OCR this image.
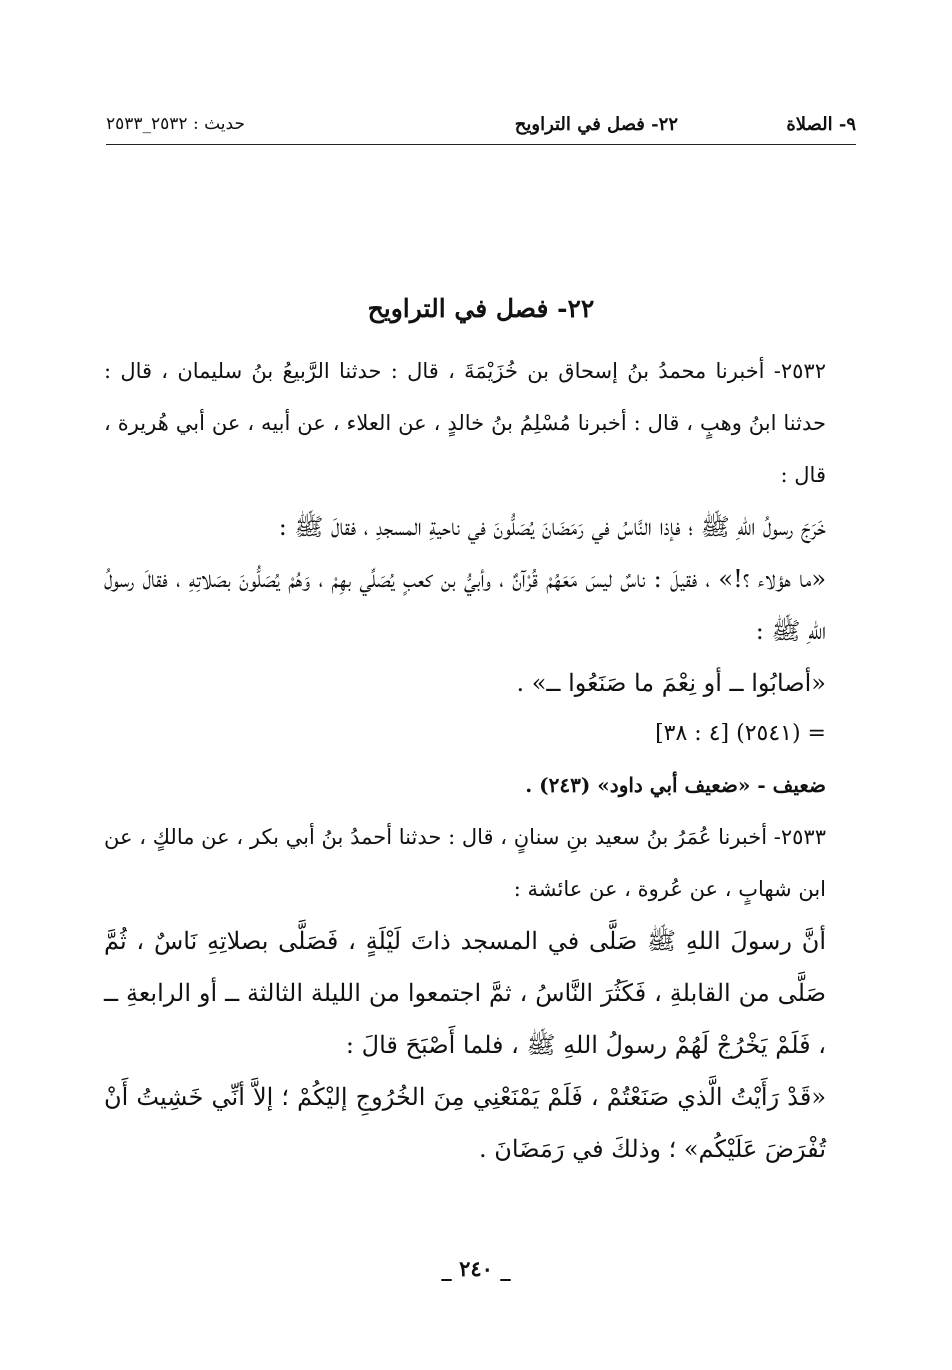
٩- الصلاة
٢٢- فصل في التراويح
حديث : ٢٥٣٢_٢٥٣٣
٢٢- فصل في التراويح

٢٥٣٢- أخبرنا محمدُ بنُ إسحاق بن خُزَيْمَةَ ، قال : حدثنا الرَّبيعُ بنُ سليمان ، قال : حدثنا ابنُ وهبٍ ، قال : أخبرنا مُسْلِمُ بنُ خالدٍ ، عن العلاء ، عن أبيه ، عن أبي هُريرة ، قال :

خَرَجَ رسولُ اللهِ ﷺ ؛ فإذا النَّاسُ في رَمَضَانَ يُصَلُّونَ في ناحيةِ المسجدِ ، فقالَ ﷺ :

«ما هؤلاء ؟!» ، فقيلَ : ناسٌ ليسَ مَعَهُمْ قُرْآنٌ ، وأبيُّ بن كعبٍ يُصَلِّي بهِمْ ، وَهُمْ يُصَلُّونَ بصَلاتِهِ ، فقالَ رسولُ اللهِ ﷺ :

«أصابُوا ــ أو نِعْمَ ما صَنَعُوا ــ» .

= (٢٥٤١) [٤ : ٣٨]

ضعيف - «ضعيف أبي داود» (٢٤٣) .

٢٥٣٣- أخبرنا عُمَرُ بنُ سعيد بنِ سنانٍ ، قال : حدثنا أحمدُ بنُ أبي بكر ، عن مالكٍ ، عن ابن شهابٍ ، عن عُروة ، عن عائشة :

أنَّ رسولَ اللهِ ﷺ صَلَّى في المسجد ذاتَ لَيْلَةٍ ، فَصَلَّى بصلاتِهِ نَاسٌ ، ثُمَّ صَلَّى من القابلةِ ، فَكَثُرَ النَّاسُ ، ثمَّ اجتمعوا من الليلة الثالثة ــ أو الرابعةِ ــ ، فَلَمْ يَخْرُجْ لَهُمْ رسولُ اللهِ ﷺ ، فلما أَصْبَحَ قالَ :

«قَدْ رَأَيْتُ الَّذي صَنَعْتُمْ ، فَلَمْ يَمْنَعْنِي مِنَ الخُرُوجِ إليْكُمْ ؛ إلاَّ أنِّي خَشِيتُ أَنْ تُفْرَضَ عَلَيْكُم» ؛ وذلكَ في رَمَضَانَ .

_ ٢٤٠ _
